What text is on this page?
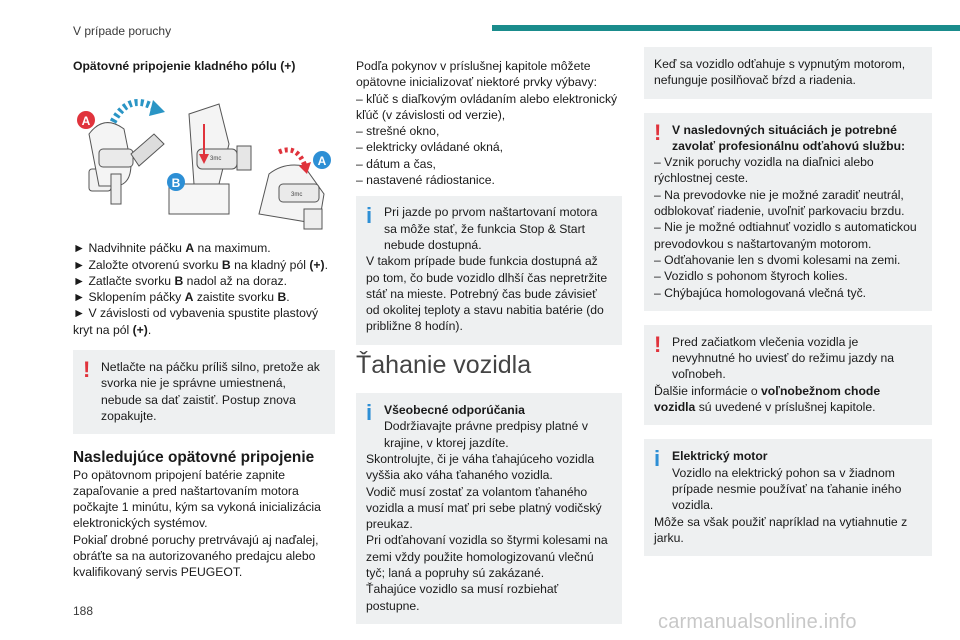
V prípade poruchy

Opätovné pripojenie kladného pólu (+)

A
B
3mc	A
3mc
► Nadvihnite páčku A na maximum.
► Založte otvorenú svorku B na kladný pól (+).
► Zatlačte svorku B nadol až na doraz.
► Sklopením páčky A zaistite svorku B.
► V závislosti od vybavenia spustite plastový kryt na pól (+).
! Netlačte na páčku príliš silno, pretože ak svorka nie je správne umiestnená, nebude sa dať zaistiť. Postup znova zopakujte.

Nasledujúce opätovné pripojenie

Po opätovnom pripojení batérie zapnite zapaľovanie a pred naštartovaním motora počkajte 1 minútu, kým sa vykoná inicializácia elektronických systémov.

Pokiaľ drobné poruchy pretrvávajú aj naďalej, obráťte sa na autorizovaného predajcu alebo kvalifikovaný servis PEUGEOT.

Podľa pokynov v príslušnej kapitole môžete opätovne inicializovať niektoré prvky výbavy:

– kľúč s diaľkovým ovládaním alebo elektronický kľúč (v závislosti od verzie),
– strešné okno,
– elektricky ovládané okná,
– dátum a čas,
– nastavené rádiostanice.
i Pri jazde po prvom naštartovaní motora sa môže stať, že funkcia Stop & Start nebude dostupná.
V takom prípade bude funkcia dostupná až po tom, čo bude vozidlo dlhší čas nepretržite stáť na mieste. Potrebný čas bude závisieť od okolitej teploty a stavu nabitia batérie (do približne 8 hodín).
Ťahanie vozidla
i Všeobecné odporúčania
Dodržiavajte právne predpisy platné v krajine, v ktorej jazdíte.
Skontrolujte, či je váha ťahajúceho vozidla vyššia ako váha ťahaného vozidla.
Vodič musí zostať za volantom ťahaného vozidla a musí mať pri sebe platný vodičský preukaz.
Pri odťahovaní vozidla so štyrmi kolesami na zemi vždy použite homologizovanú vlečnú tyč; laná a popruhy sú zakázané.
Ťahajúce vozidlo sa musí rozbiehať postupne.
Keď sa vozidlo odťahuje s vypnutým motorom, nefunguje posilňovač bŕzd a riadenia.
! V nasledovných situáciách je potrebné zavolať profesionálnu odťahovú službu:
– Vznik poruchy vozidla na diaľnici alebo rýchlostnej ceste.
– Na prevodovke nie je možné zaradiť neutrál, odblokovať riadenie, uvoľniť parkovaciu brzdu.
– Nie je možné odtiahnuť vozidlo s automatickou prevodovkou s naštartovaným motorom.
– Odťahovanie len s dvomi kolesami na zemi.
– Vozidlo s pohonom štyroch kolies.
– Chýbajúca homologovaná vlečná tyč.
! Pred začiatkom vlečenia vozidla je nevyhnutné ho uviesť do režimu jazdy na voľnobeh.
Ďalšie informácie o voľnobežnom chode vozidla sú uvedené v príslušnej kapitole.
i Elektrický motor
Vozidlo na elektrický pohon sa v žiadnom prípade nesmie používať na ťahanie iného vozidla.
Môže sa však použiť napríklad na vytiahnutie z jarku.
188	carmanualsonline.info
